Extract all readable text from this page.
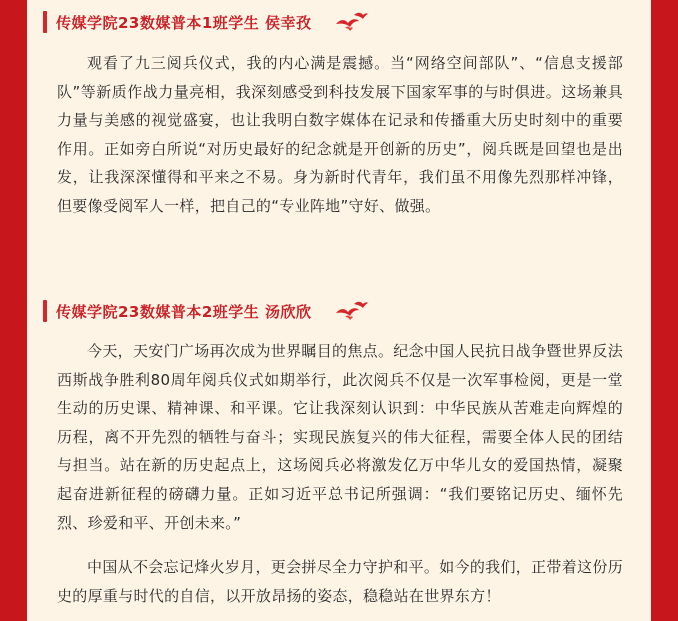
传媒学院23数媒普本1班学生 侯幸孜

观看了九三阅兵仪式，我的内心满是震撼。当“网络空间部队”、“信息支援部队”等新质作战力量亮相，我深刻感受到科技发展下国家军事的与时俱进。这场兼具力量与美感的视觉盛宴，也让我明白数字媒体在记录和传播重大历史时刻中的重要作用。正如旁白所说“对历史最好的纪念就是开创新的历史”，阅兵既是回望也是出发，让我深深懂得和平来之不易。身为新时代青年，我们虽不用像先烈那样冲锋，但要像受阅军人一样，把自己的“专业阵地”守好、做强。

传媒学院23数媒普本2班学生 汤欣欣

今天，天安门广场再次成为世界瞩目的焦点。纪念中国人民抗日战争暨世界反法西斯战争胜利80周年阅兵仪式如期举行，此次阅兵不仅是一次军事检阅，更是一堂生动的历史课、精神课、和平课。它让我深刻认识到：中华民族从苦难走向辉煌的历程，离不开先烈的牺牲与奋斗；实现民族复兴的伟大征程，需要全体人民的团结与担当。站在新的历史起点上，这场阅兵必将激发亿万中华儿女的爱国热情，凝聚起奋进新征程的磅礴力量。正如习近平总书记所强调：“我们要铭记历史、缅怀先烈、珍爱和平、开创未来。”

中国从不会忘记烽火岁月，更会拼尽全力守护和平。如今的我们，正带着这份历史的厚重与时代的自信，以开放昂扬的姿态，稳稳站在世界东方！
